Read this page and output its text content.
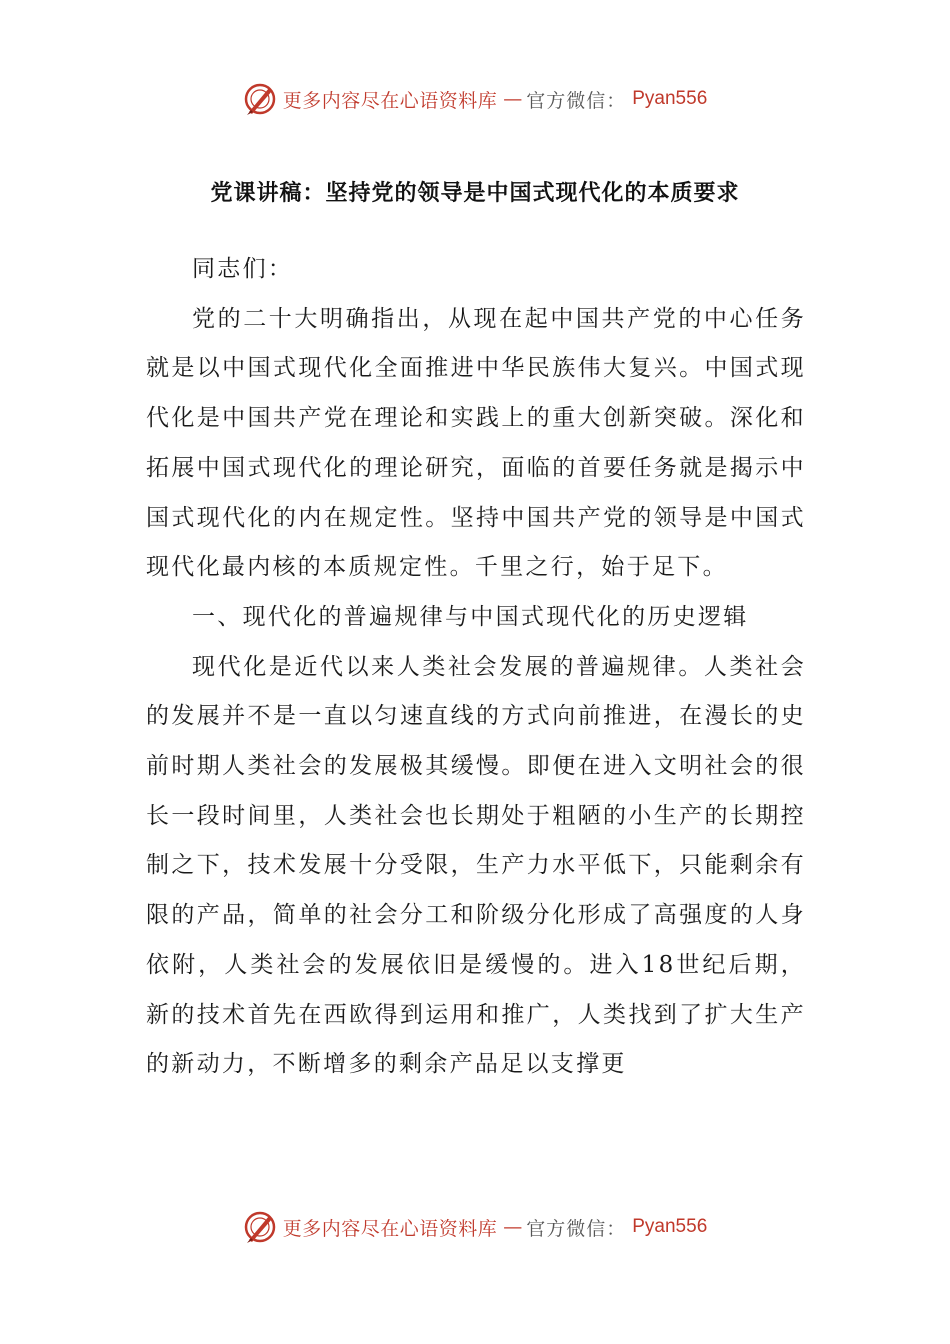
更多内容尽在心语资料库 — 官方微信： Pyan556
党课讲稿：坚持党的领导是中国式现代化的本质要求

同志们：

党的二十大明确指出，从现在起中国共产党的中心任务就是以中国式现代化全面推进中华民族伟大复兴。中国式现代化是中国共产党在理论和实践上的重大创新突破。深化和拓展中国式现代化的理论研究，面临的首要任务就是揭示中国式现代化的内在规定性。坚持中国共产党的领导是中国式现代化最内核的本质规定性。千里之行，始于足下。

一、现代化的普遍规律与中国式现代化的历史逻辑

现代化是近代以来人类社会发展的普遍规律。人类社会的发展并不是一直以匀速直线的方式向前推进，在漫长的史前时期人类社会的发展极其缓慢。即便在进入文明社会的很长一段时间里，人类社会也长期处于粗陋的小生产的长期控制之下，技术发展十分受限，生产力水平低下，只能剩余有限的产品，简单的社会分工和阶级分化形成了高强度的人身依附，人类社会的发展依旧是缓慢的。进入18世纪后期，新的技术首先在西欧得到运用和推广，人类找到了扩大生产的新动力，不断增多的剩余产品足以支撑更

更多内容尽在心语资料库 — 官方微信： Pyan556
